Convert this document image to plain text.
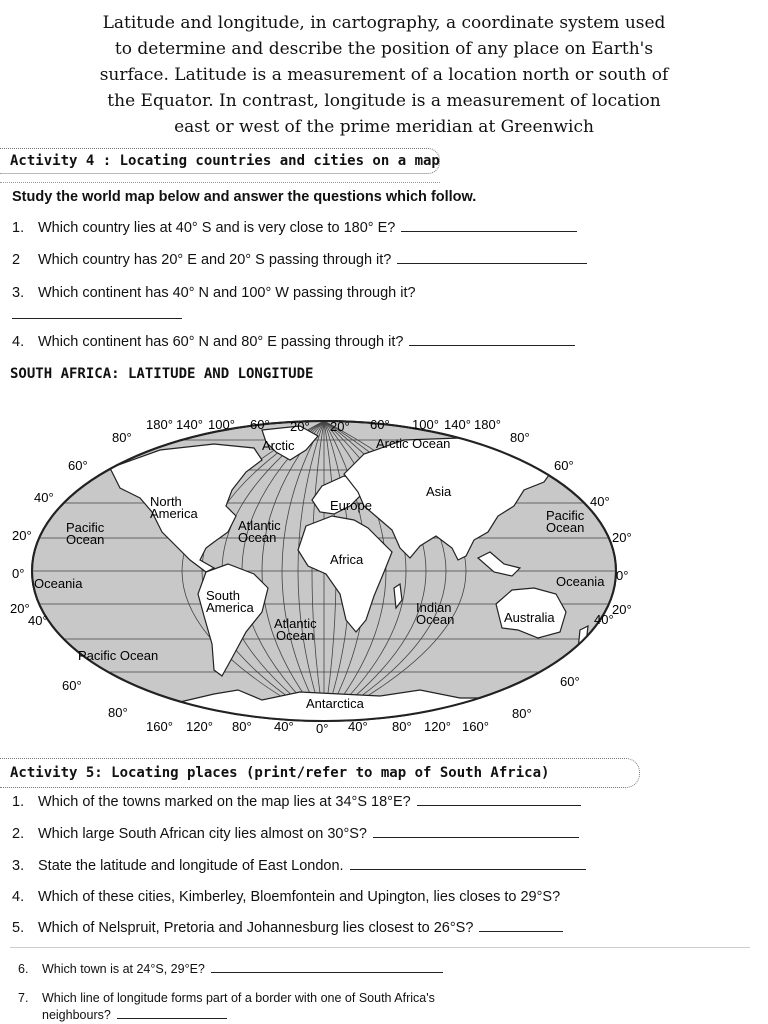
Latitude and longitude, in cartography, a coordinate system used
to determine and describe the position of any place on Earth's
surface. Latitude is a measurement of a location north or south of
the Equator. In contrast, longitude is a measurement of location
east or west of the prime meridian at Greenwich
Activity 4 : Locating countries and cities on a map
Study the world map below and answer the questions which follow.
1. Which country lies at 40° S and is very close to 180° E?
2 Which country has 20° E and 20° S passing through it?
3. Which continent has 40° N and 100° W passing through it?
4. Which continent has 60° N and 80° E passing through it?
SOUTH AFRICA: LATITUDE AND LONGITUDE
180° 140° 100° 60° 20° 20° 60° 100° 140° 180°
160° 120° 80° 40° 0° 40° 80° 120° 160°
80°
60°
40°
20°
0°
20°
40°
60°
80°
80°
60°
40°
20°
0°
20°
40°
60°
80°
Arctic	Arctic Ocean
Asia
Europe
North
America
Pacific
Ocean
Pacific
Ocean
Atlantic
Ocean
Africa
Oceania	Oceania
South
America	Indian
Ocean	Australia
Atlantic
Ocean
Pacific Ocean
Antarctica
Activity 5: Locating places (print/refer to map of South Africa)
1. Which of the towns marked on the map lies at 34°S 18°E?
2. Which large South African city lies almost on 30°S?
3. State the latitude and longitude of East London.
4. Which of these cities, Kimberley, Bloemfontein and Upington, lies closes to 29°S?
5. Which of Nelspruit, Pretoria and Johannesburg lies closest to 26°S?
6. Which town is at 24°S, 29°E?
7. Which line of longitude forms part of a border with one of South Africa's
neighbours?
